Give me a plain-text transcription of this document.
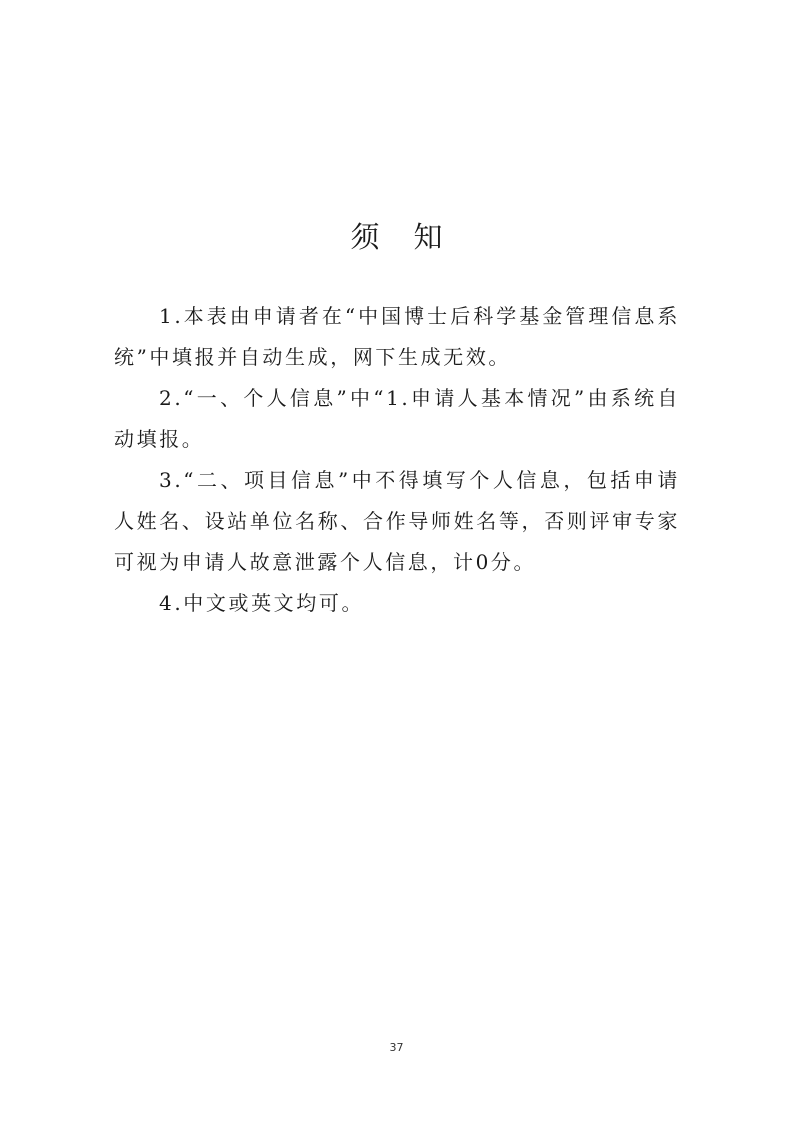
须知

1.本表由申请者在“中国博士后科学基金管理信息系统”中填报并自动生成，网下生成无效。

2.“一、个人信息”中“1.申请人基本情况”由系统自动填报。

3.“二、项目信息”中不得填写个人信息，包括申请人姓名、设站单位名称、合作导师姓名等，否则评审专家可视为申请人故意泄露个人信息，计0分。

4.中文或英文均可。

37
